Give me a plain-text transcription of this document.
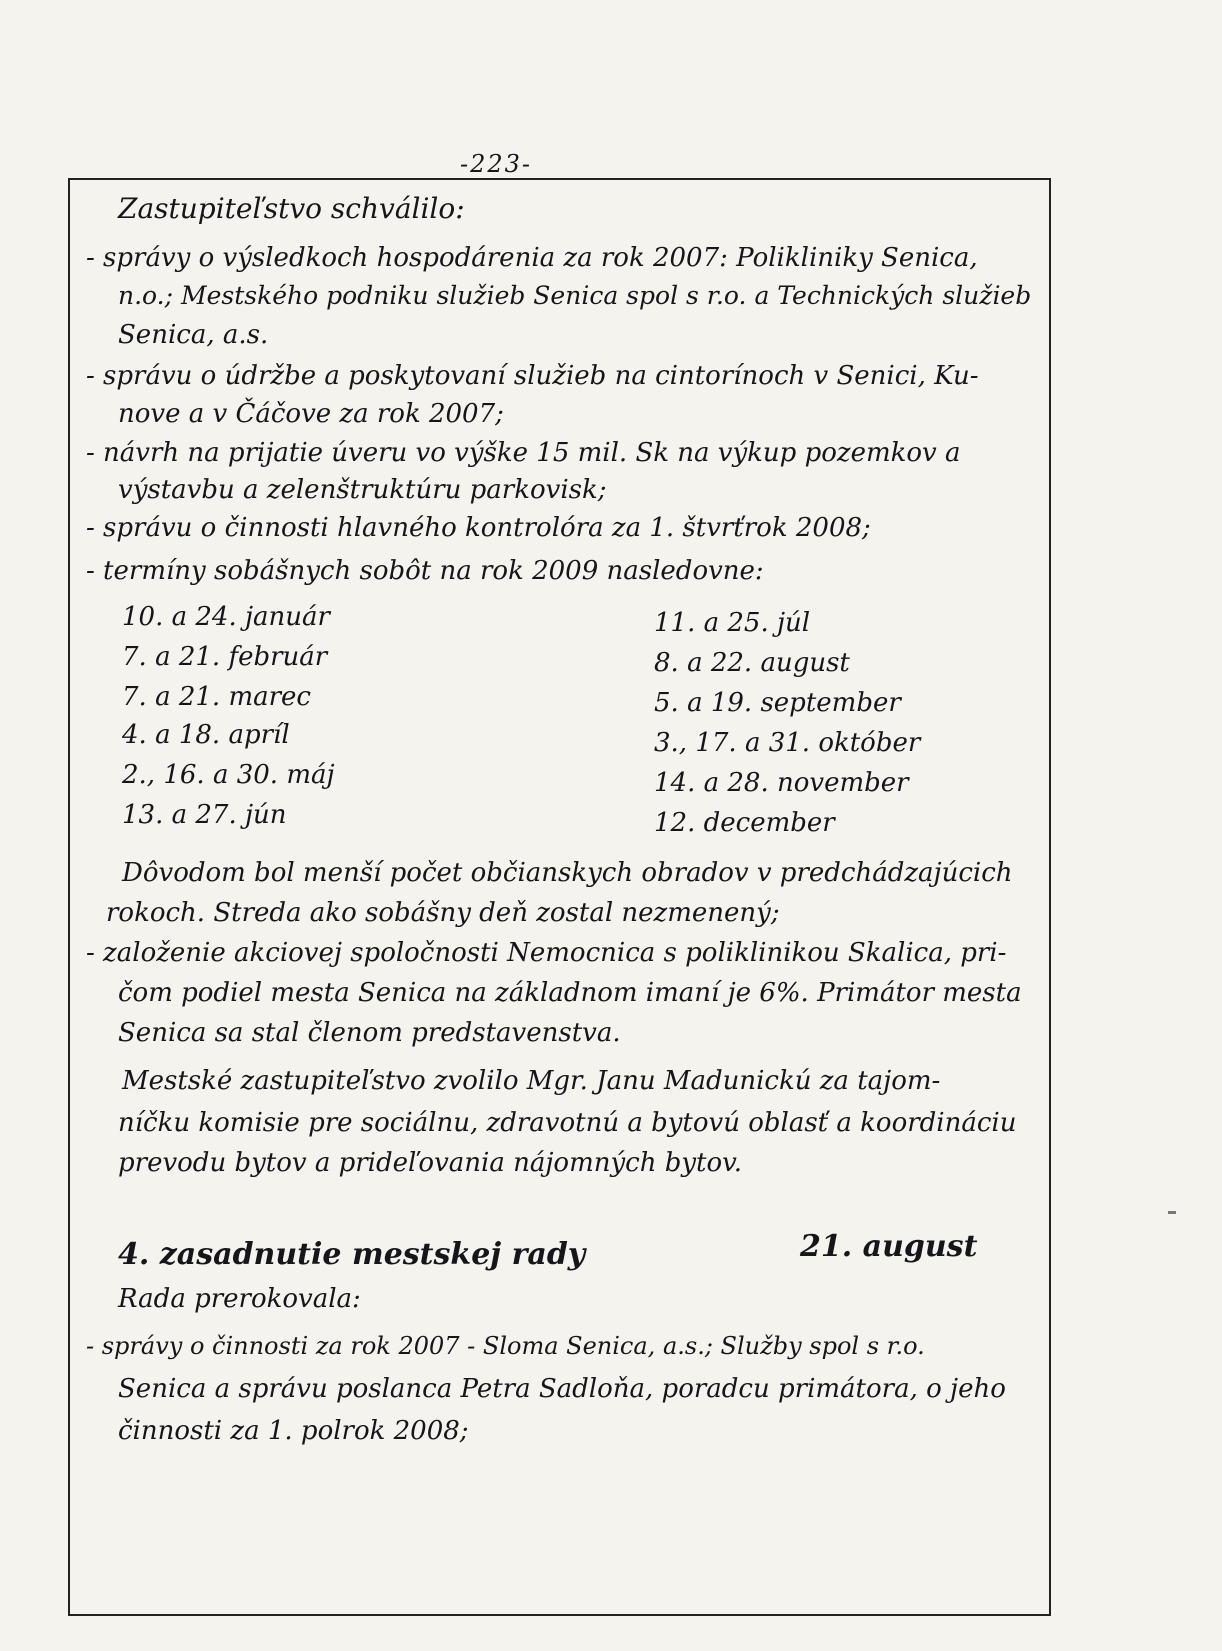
-223-
Zastupiteľstvo schválilo:
- správy o výsledkoch hospodárenia za rok 2007: Polikliniky Senica,
n.o.; Mestského podniku služieb Senica spol s r.o. a Technických služieb
Senica, a.s.
- správu o údržbe a poskytovaní služieb na cintorínoch v Senici, Ku-
nove a v Čáčove za rok 2007;
- návrh na prijatie úveru vo výške 15 mil. Sk na výkup pozemkov a
výstavbu a zelenštruktúru parkovisk;
- správu o činnosti hlavného kontrolóra za 1. štvrťrok 2008;
- termíny sobášnych sobôt na rok 2009 nasledovne:
10. a 24. január
7. a 21. február
7. a 21. marec
4. a 18. apríl
2., 16. a 30. máj
13. a 27. jún
11. a 25. júl
8. a 22. august
5. a 19. september
3., 17. a 31. október
14. a 28. november
12. december
Dôvodom bol menší počet občianskych obradov v predchádzajúcich
rokoch. Streda ako sobášny deň zostal nezmenený;
- založenie akciovej spoločnosti Nemocnica s poliklinikou Skalica, pri-
čom podiel mesta Senica na základnom imaní je 6%. Primátor mesta
Senica sa stal členom predstavenstva.
Mestské zastupiteľstvo zvolilo Mgr. Janu Madunickú za tajom-
níčku komisie pre sociálnu, zdravotnú a bytovú oblasť a koordináciu
prevodu bytov a prideľovania nájomných bytov.
4. zasadnutie mestskej rady	21. august
Rada prerokovala:
- správy o činnosti za rok 2007 - Sloma Senica, a.s.; Služby spol s r.o.
Senica a správu poslanca Petra Sadloňa, poradcu primátora, o jeho
činnosti za 1. polrok 2008;
